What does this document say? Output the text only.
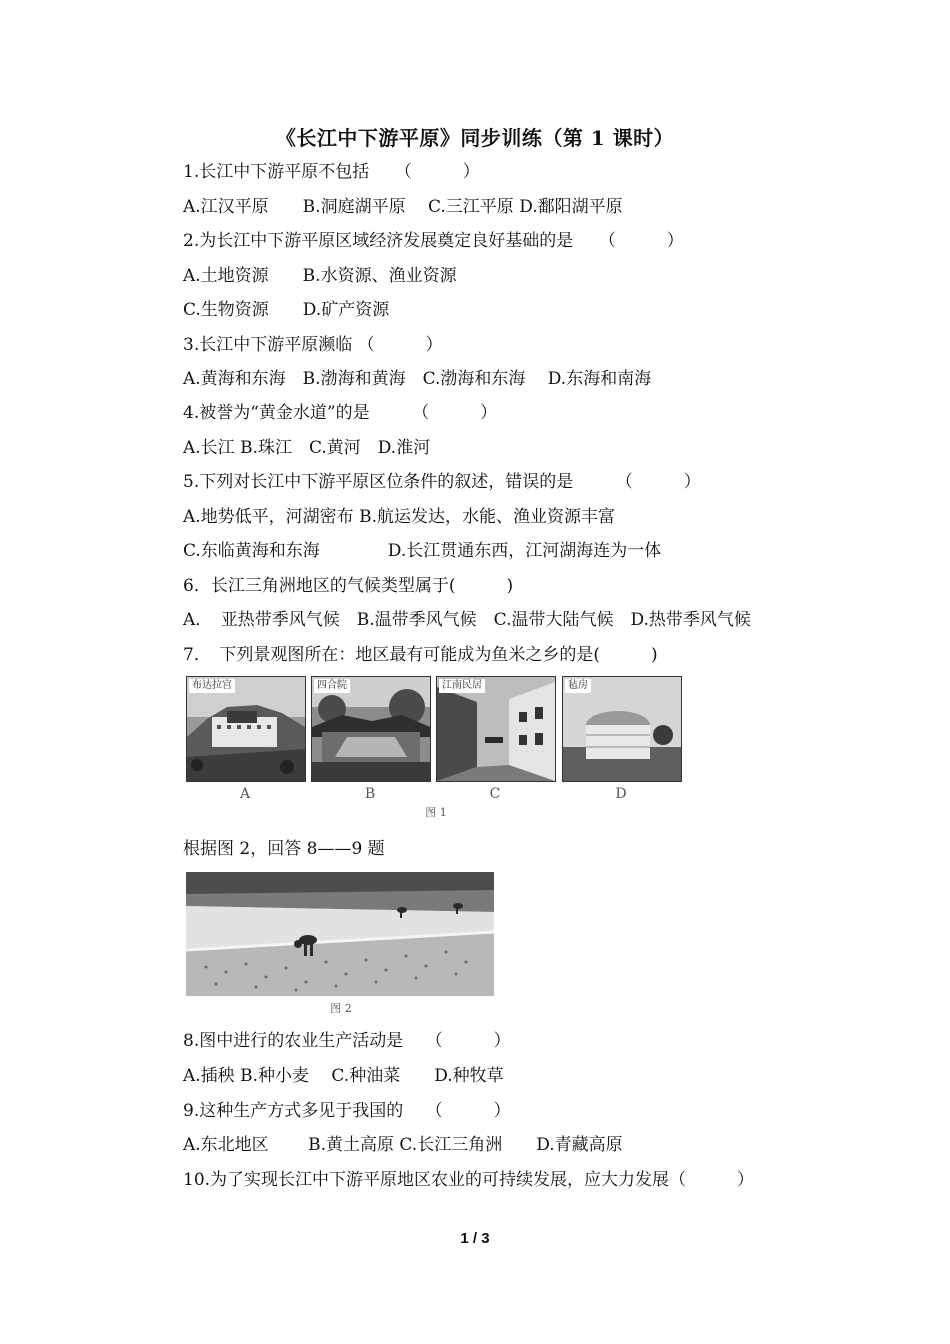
《长江中下游平原》同步训练（第 1 课时）
1.长江中下游平原不包括　　（　　　）
A.江汉平原　　B.洞庭湖平原　 C.三江平原 D.鄱阳湖平原
2.为长江中下游平原区域经济发展奠定良好基础的是　　（　　　）
A.土地资源　　B.水资源、渔业资源
C.生物资源　　D.矿产资源
3.长江中下游平原濒临 （　　　）
A.黄海和东海　B.渤海和黄海　C.渤海和东海　 D.东海和南海
4.被誉为“黄金水道”的是　　　（　　　）
A.长江 B.珠江　C.黄河　D.淮河
5.下列对长江中下游平原区位条件的叙述，错误的是　　　（　　　）
A.地势低平，河湖密布 B.航运发达，水能、渔业资源丰富
C.东临黄海和东海　　　　D.长江贯通东西，江河湖海连为一体
6．长江三角洲地区的气候类型属于(　　　)
A．　亚热带季风气候　B.温带季风气候　C.温带大陆气候　D.热带季风气候
7．　下列景观图所在：地区最有可能成为鱼米之乡的是(　　　)
布达拉宫	四合院	江南民居	毡房
A	B	C	D
图 1
根据图 2，回答 8——9 题
图 2
8.图中进行的农业生产活动是　 （　　　）
A.插秧 B.种小麦　 C.种油菜　　D.种牧草
9.这种生产方式多见于我国的　 （　　　）
A.东北地区　　 B.黄土高原 C.长江三角洲　　D.青藏高原
10.为了实现长江中下游平原地区农业的可持续发展，应大力发展（　　　）
1 / 3
